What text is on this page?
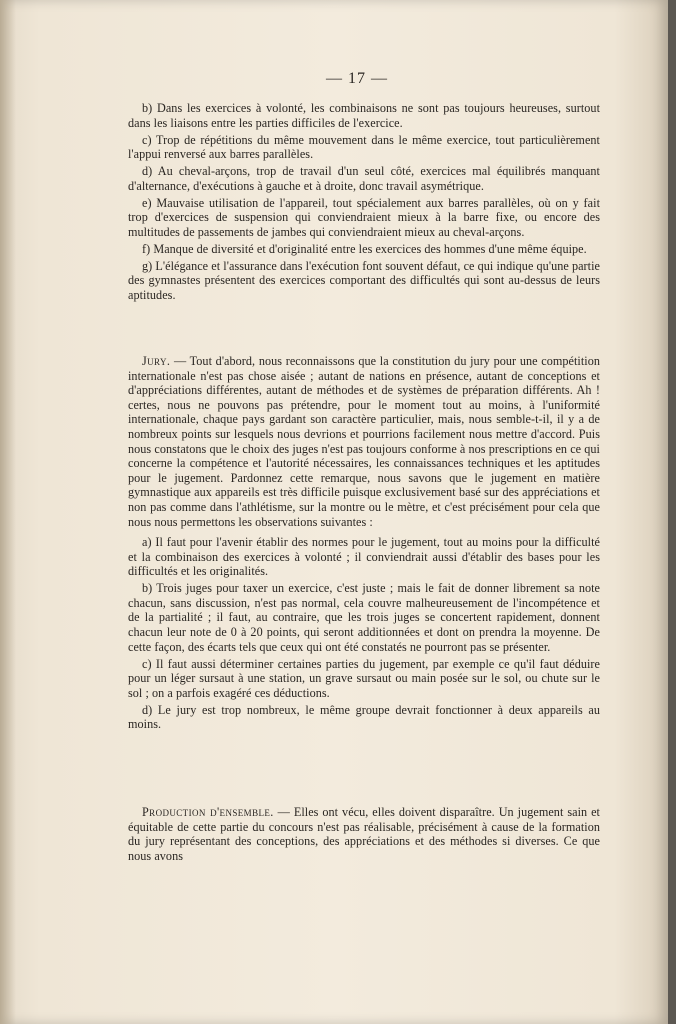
— 17 —

b) Dans les exercices à volonté, les combinaisons ne sont pas toujours heureuses, surtout dans les liaisons entre les parties difficiles de l'exercice.

c) Trop de répétitions du même mouvement dans le même exercice, tout particulièrement l'appui renversé aux barres parallèles.

d) Au cheval-arçons, trop de travail d'un seul côté, exercices mal équilibrés manquant d'alternance, d'exécutions à gauche et à droite, donc travail asymétrique.

e) Mauvaise utilisation de l'appareil, tout spécialement aux barres parallèles, où on y fait trop d'exercices de suspension qui conviendraient mieux à la barre fixe, ou encore des multitudes de passements de jambes qui conviendraient mieux au cheval-arçons.

f) Manque de diversité et d'originalité entre les exercices des hommes d'une même équipe.

g) L'élégance et l'assurance dans l'exécution font souvent défaut, ce qui indique qu'une partie des gymnastes présentent des exercices comportant des difficultés qui sont au-dessus de leurs aptitudes.

Jury. — Tout d'abord, nous reconnaissons que la constitution du jury pour une compétition internationale n'est pas chose aisée ; autant de nations en présence, autant de conceptions et d'appréciations différentes, autant de méthodes et de systèmes de préparation différents. Ah ! certes, nous ne pouvons pas prétendre, pour le moment tout au moins, à l'uniformité internationale, chaque pays gardant son caractère particulier, mais, nous semble-t-il, il y a de nombreux points sur lesquels nous devrions et pourrions facilement nous mettre d'accord. Puis nous constatons que le choix des juges n'est pas toujours conforme à nos prescriptions en ce qui concerne la compétence et l'autorité nécessaires, les connaissances techniques et les aptitudes pour le jugement. Pardonnez cette remarque, nous savons que le jugement en matière gymnastique aux appareils est très difficile puisque exclusivement basé sur des appréciations et non pas comme dans l'athlétisme, sur la montre ou le mètre, et c'est précisément pour cela que nous nous permettons les observations suivantes :

a) Il faut pour l'avenir établir des normes pour le jugement, tout au moins pour la difficulté et la combinaison des exercices à volonté ; il conviendrait aussi d'établir des bases pour les difficultés et les originalités.

b) Trois juges pour taxer un exercice, c'est juste ; mais le fait de donner librement sa note chacun, sans discussion, n'est pas normal, cela couvre malheureusement de l'incompétence et de la partialité ; il faut, au contraire, que les trois juges se concertent rapidement, donnent chacun leur note de 0 à 20 points, qui seront additionnées et dont on prendra la moyenne. De cette façon, des écarts tels que ceux qui ont été constatés ne pourront pas se présenter.

c) Il faut aussi déterminer certaines parties du jugement, par exemple ce qu'il faut déduire pour un léger sursaut à une station, un grave sursaut ou main posée sur le sol, ou chute sur le sol ; on a parfois exagéré ces déductions.

d) Le jury est trop nombreux, le même groupe devrait fonctionner à deux appareils au moins.

Production d'ensemble. — Elles ont vécu, elles doivent disparaître. Un jugement sain et équitable de cette partie du concours n'est pas réalisable, précisément à cause de la formation du jury représentant des conceptions, des appréciations et des méthodes si diverses. Ce que nous avons
